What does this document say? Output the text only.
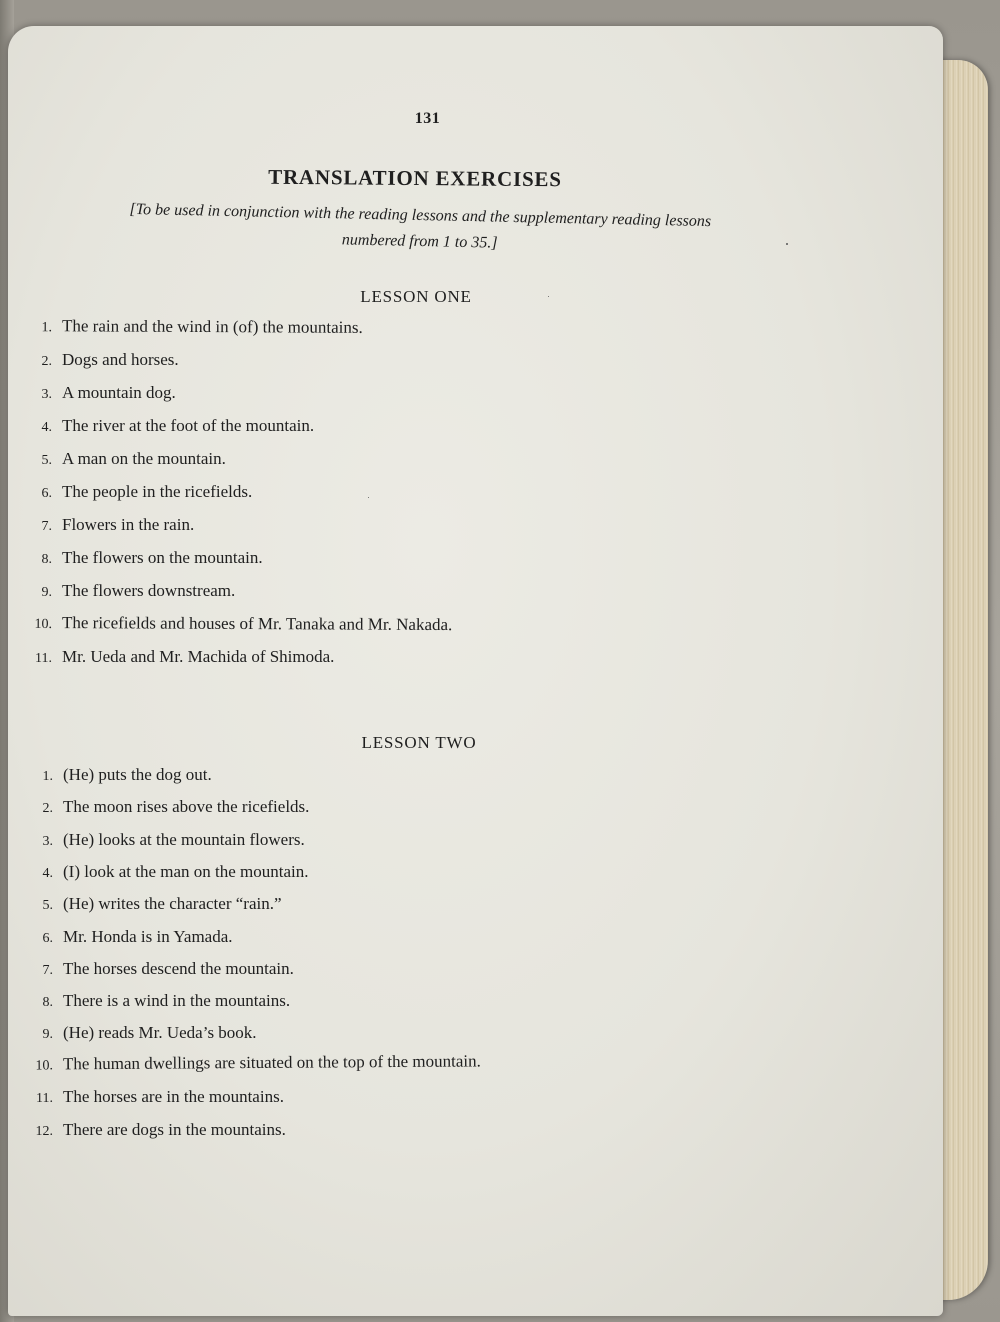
131
TRANSLATION EXERCISES
[To be used in conjunction with the reading lessons and the supplementary reading lessons
numbered from 1 to 35.]
LESSON ONE
1. The rain and the wind in (of) the mountains.
2. Dogs and horses.
3. A mountain dog.
4. The river at the foot of the mountain.
5. A man on the mountain.
6. The people in the ricefields.
7. Flowers in the rain.
8. The flowers on the mountain.
9. The flowers downstream.
10. The ricefields and houses of Mr. Tanaka and Mr. Nakada.
11. Mr. Ueda and Mr. Machida of Shimoda.
LESSON TWO
1. (He) puts the dog out.
2. The moon rises above the ricefields.
3. (He) looks at the mountain flowers.
4. (I) look at the man on the mountain.
5. (He) writes the character “rain.”
6. Mr. Honda is in Yamada.
7. The horses descend the mountain.
8. There is a wind in the mountains.
9. (He) reads Mr. Ueda’s book.
10. The human dwellings are situated on the top of the mountain.
11. The horses are in the mountains.
12. There are dogs in the mountains.
